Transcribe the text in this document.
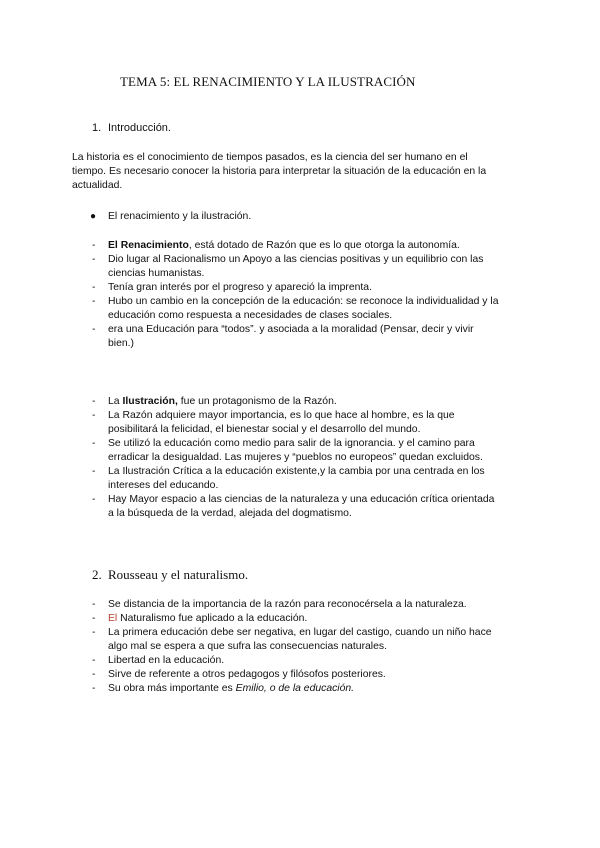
TEMA 5: EL RENACIMIENTO Y LA ILUSTRACIÓN
1. Introducción.
La historia es el conocimiento de tiempos pasados, es la ciencia del ser humano en el
tiempo. Es necesario conocer la historia para interpretar la situación de la educación en la
actualidad.
● El renacimiento y la ilustración.
- El Renacimiento, está dotado de Razón que es lo que otorga la autonomía.
- Dio lugar al Racionalismo un Apoyo a las ciencias positivas y un equilibrio con las
ciencias humanistas.
- Tenía gran interés por el progreso y apareció la imprenta.
- Hubo un cambio en la concepción de la educación: se reconoce la individualidad y la
educación como respuesta a necesidades de clases sociales.
- era una Educación para “todos”. y asociada a la moralidad (Pensar, decir y vivir
bien.)
- La Ilustración, fue un protagonismo de la Razón.
- La Razón adquiere mayor importancia, es lo que hace al hombre, es la que
posibilitará la felicidad, el bienestar social y el desarrollo del mundo.
- Se utilizó la educación como medio para salir de la ignorancia. y el camino para
erradicar la desigualdad. Las mujeres y “pueblos no europeos” quedan excluidos.
- La Ilustración Crítica a la educación existente,y la cambia por una centrada en los
intereses del educando.
- Hay Mayor espacio a las ciencias de la naturaleza y una educación crítica orientada
a la búsqueda de la verdad, alejada del dogmatismo.
2. Rousseau y el naturalismo.
- Se distancia de la importancia de la razón para reconocérsela a la naturaleza.
- El Naturalismo fue aplicado a la educación.
- La primera educación debe ser negativa, en lugar del castigo, cuando un niño hace
algo mal se espera a que sufra las consecuencias naturales.
- Libertad en la educación.
- Sirve de referente a otros pedagogos y filósofos posteriores.
- Su obra más importante es Emilio, o de la educación.
